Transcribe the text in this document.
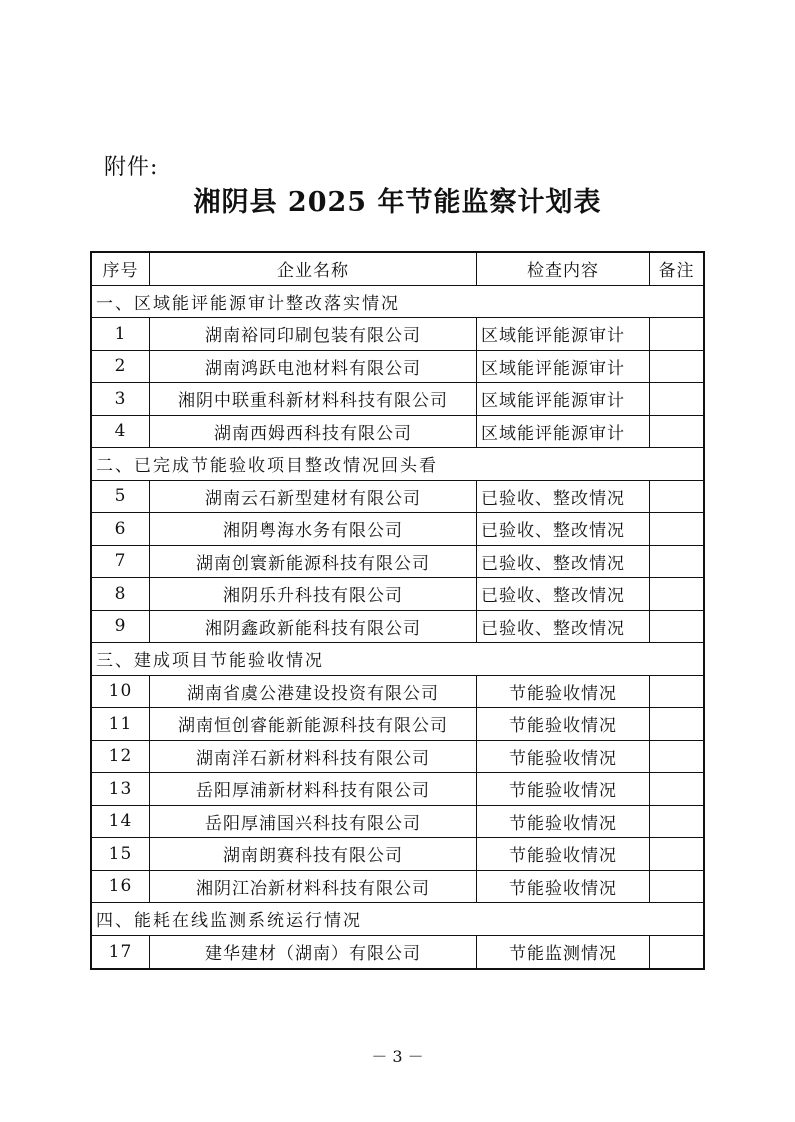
附件:
湘阴县 2025 年节能监察计划表
序号	企业名称	检查内容	备注
一、区域能评能源审计整改落实情况
1	湖南裕同印刷包装有限公司	区域能评能源审计
2	湖南鸿跃电池材料有限公司	区域能评能源审计
3	湘阴中联重科新材料科技有限公司	区域能评能源审计
4	湖南西姆西科技有限公司	区域能评能源审计
二、已完成节能验收项目整改情况回头看
5	湖南云石新型建材有限公司	已验收、整改情况
6	湘阴粤海水务有限公司	已验收、整改情况
7	湖南创寰新能源科技有限公司	已验收、整改情况
8	湘阴乐升科技有限公司	已验收、整改情况
9	湘阴鑫政新能科技有限公司	已验收、整改情况
三、建成项目节能验收情况
10	湖南省虞公港建设投资有限公司	节能验收情况
11	湖南恒创睿能新能源科技有限公司	节能验收情况
12	湖南洋石新材料科技有限公司	节能验收情况
13	岳阳厚浦新材料科技有限公司	节能验收情况
14	岳阳厚浦国兴科技有限公司	节能验收情况
15	湖南朗赛科技有限公司	节能验收情况
16	湘阴江冶新材料科技有限公司	节能验收情况
四、能耗在线监测系统运行情况
17	建华建材（湖南）有限公司	节能监测情况
－ 3 －
